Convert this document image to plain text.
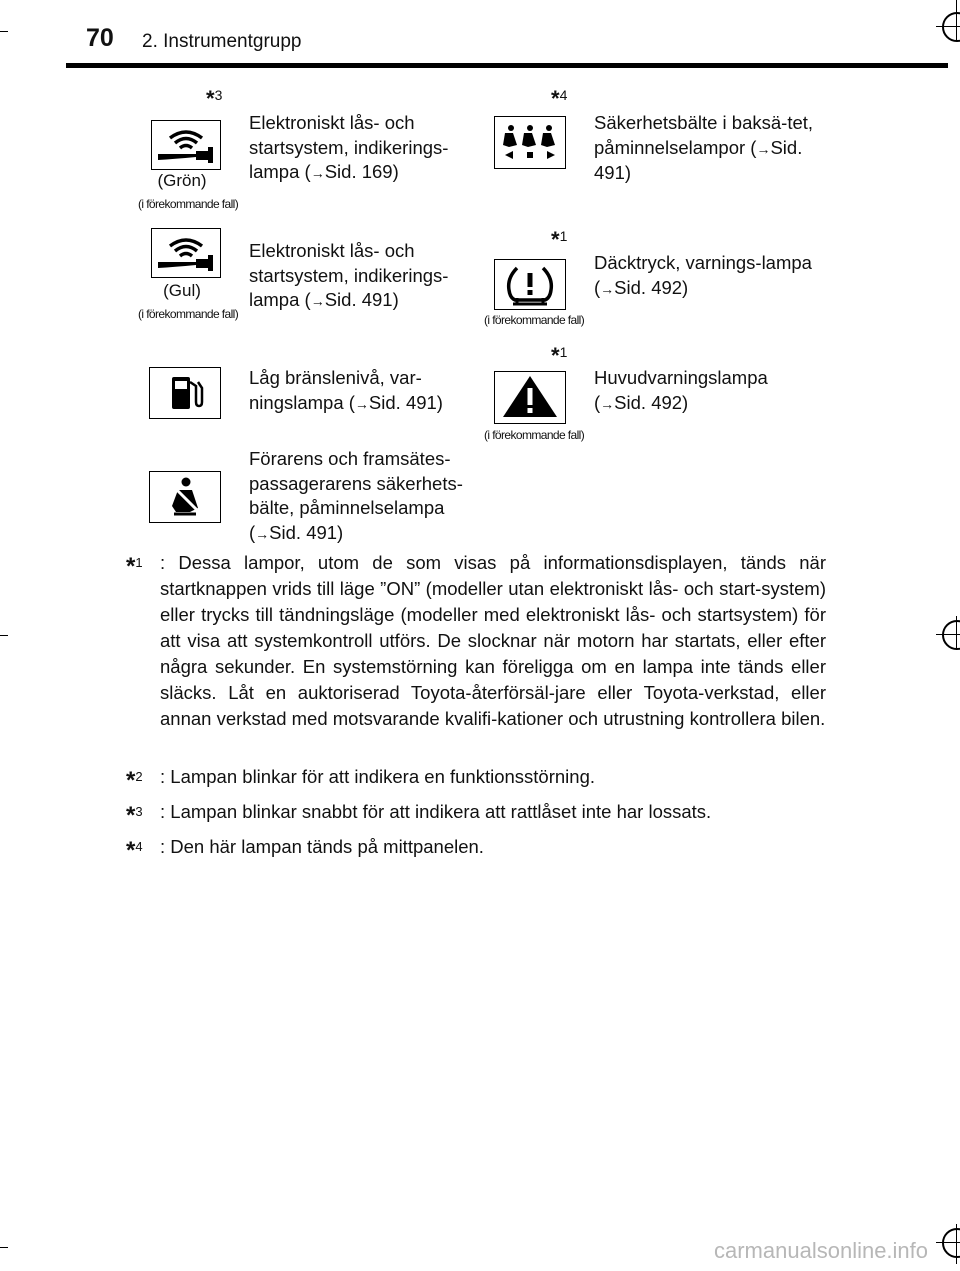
70 2. Instrumentgrupp
*3
(Grön)
(i förekommande fall)
Elektroniskt lås- och startsystem, indikerings-lampa (→Sid. 169)
*4
Säkerhetsbälte i baksä-tet, påminnelselampor (→Sid. 491)
(Gul)
(i förekommande fall)
Elektroniskt lås- och startsystem, indikerings-lampa (→Sid. 491)
*1
(i förekommande fall)
Däcktryck, varnings-lampa (→Sid. 492)
Låg bränslenivå, var-ningslampa (→Sid. 491)
*1
(i förekommande fall)
Huvudvarningslampa (→Sid. 492)
Förarens och framsätes-passagerarens säkerhets-bälte, påminnelselampa (→Sid. 491)
*1 : Dessa lampor, utom de som visas på informationsdisplayen, tänds när startknappen vrids till läge ”ON” (modeller utan elektroniskt lås- och start-system) eller trycks till tändningsläge (modeller med elektroniskt lås- och startsystem) för att visa att systemkontroll utförs. De slocknar när motorn har startats, eller efter några sekunder. En systemstörning kan föreligga om en lampa inte tänds eller släcks. Låt en auktoriserad Toyota-återförsäl-jare eller Toyota-verkstad, eller annan verkstad med motsvarande kvalifi-kationer och utrustning kontrollera bilen.
*2 : Lampan blinkar för att indikera en funktionsstörning.
*3 : Lampan blinkar snabbt för att indikera att rattlåset inte har lossats.
*4 : Den här lampan tänds på mittpanelen.
carmanualsonline.info
